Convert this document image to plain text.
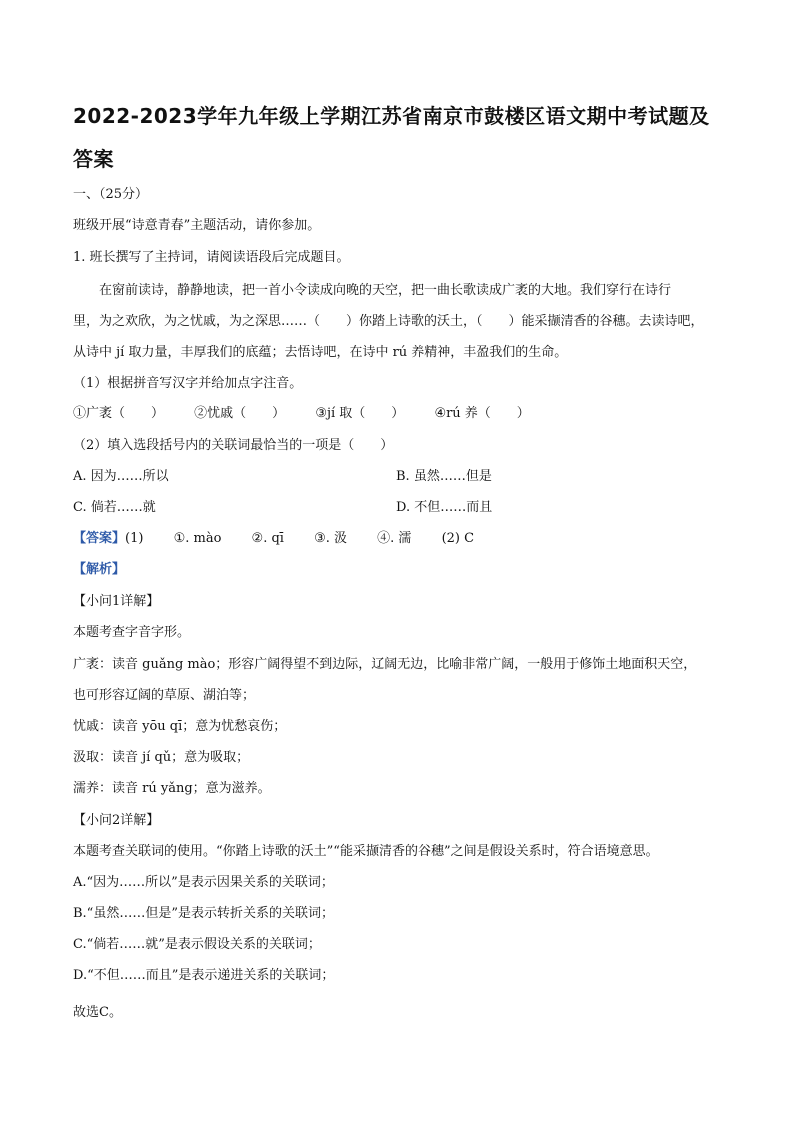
2022-2023学年九年级上学期江苏省南京市鼓楼区语文期中考试题及
答案
一、（25分）
班级开展“诗意青春”主题活动，请你参加。
1. 班长撰写了主持词，请阅读语段后完成题目。
在窗前读诗，静静地读，把一首小令读成向晚的天空，把一曲长歌读成广袤的大地。我们穿行在诗行
里，为之欢欣，为之忧戚，为之深思……（　　）你踏上诗歌的沃土，（　　）能采撷清香的谷穗。去读诗吧，
从诗中 jí 取力量，丰厚我们的底蕴；去悟诗吧，在诗中 rú 养精神，丰盈我们的生命。
（1）根据拼音写汉字并给加点字注音。
①广袤（　　） ②忧戚（　　） ③jí 取（　　） ④rú 养（　　）
（2）填入选段括号内的关联词最恰当的一项是（　　）
A. 因为……所以	B. 虽然……但是
C. 倘若……就	D. 不但……而且
【答案】(1) ①. mào ②. qī ③. 汲 ④. 濡 (2) C
【解析】
【小问1详解】
本题考查字音字形。
广袤：读音 guǎng mào；形容广阔得望不到边际，辽阔无边，比喻非常广阔，一般用于修饰土地面积天空，
也可形容辽阔的草原、湖泊等；
忧戚：读音 yōu qī；意为忧愁哀伤；
汲取：读音 jí qǔ；意为吸取；
濡养：读音 rú yǎng；意为滋养。
【小问2详解】
本题考查关联词的使用。“你踏上诗歌的沃土”“能采撷清香的谷穗”之间是假设关系时，符合语境意思。
A.“因为……所以”是表示因果关系的关联词；
B.“虽然……但是”是表示转折关系的关联词；
C.“倘若……就”是表示假设关系的关联词；
D.“不但……而且”是表示递进关系的关联词；
故选C。
